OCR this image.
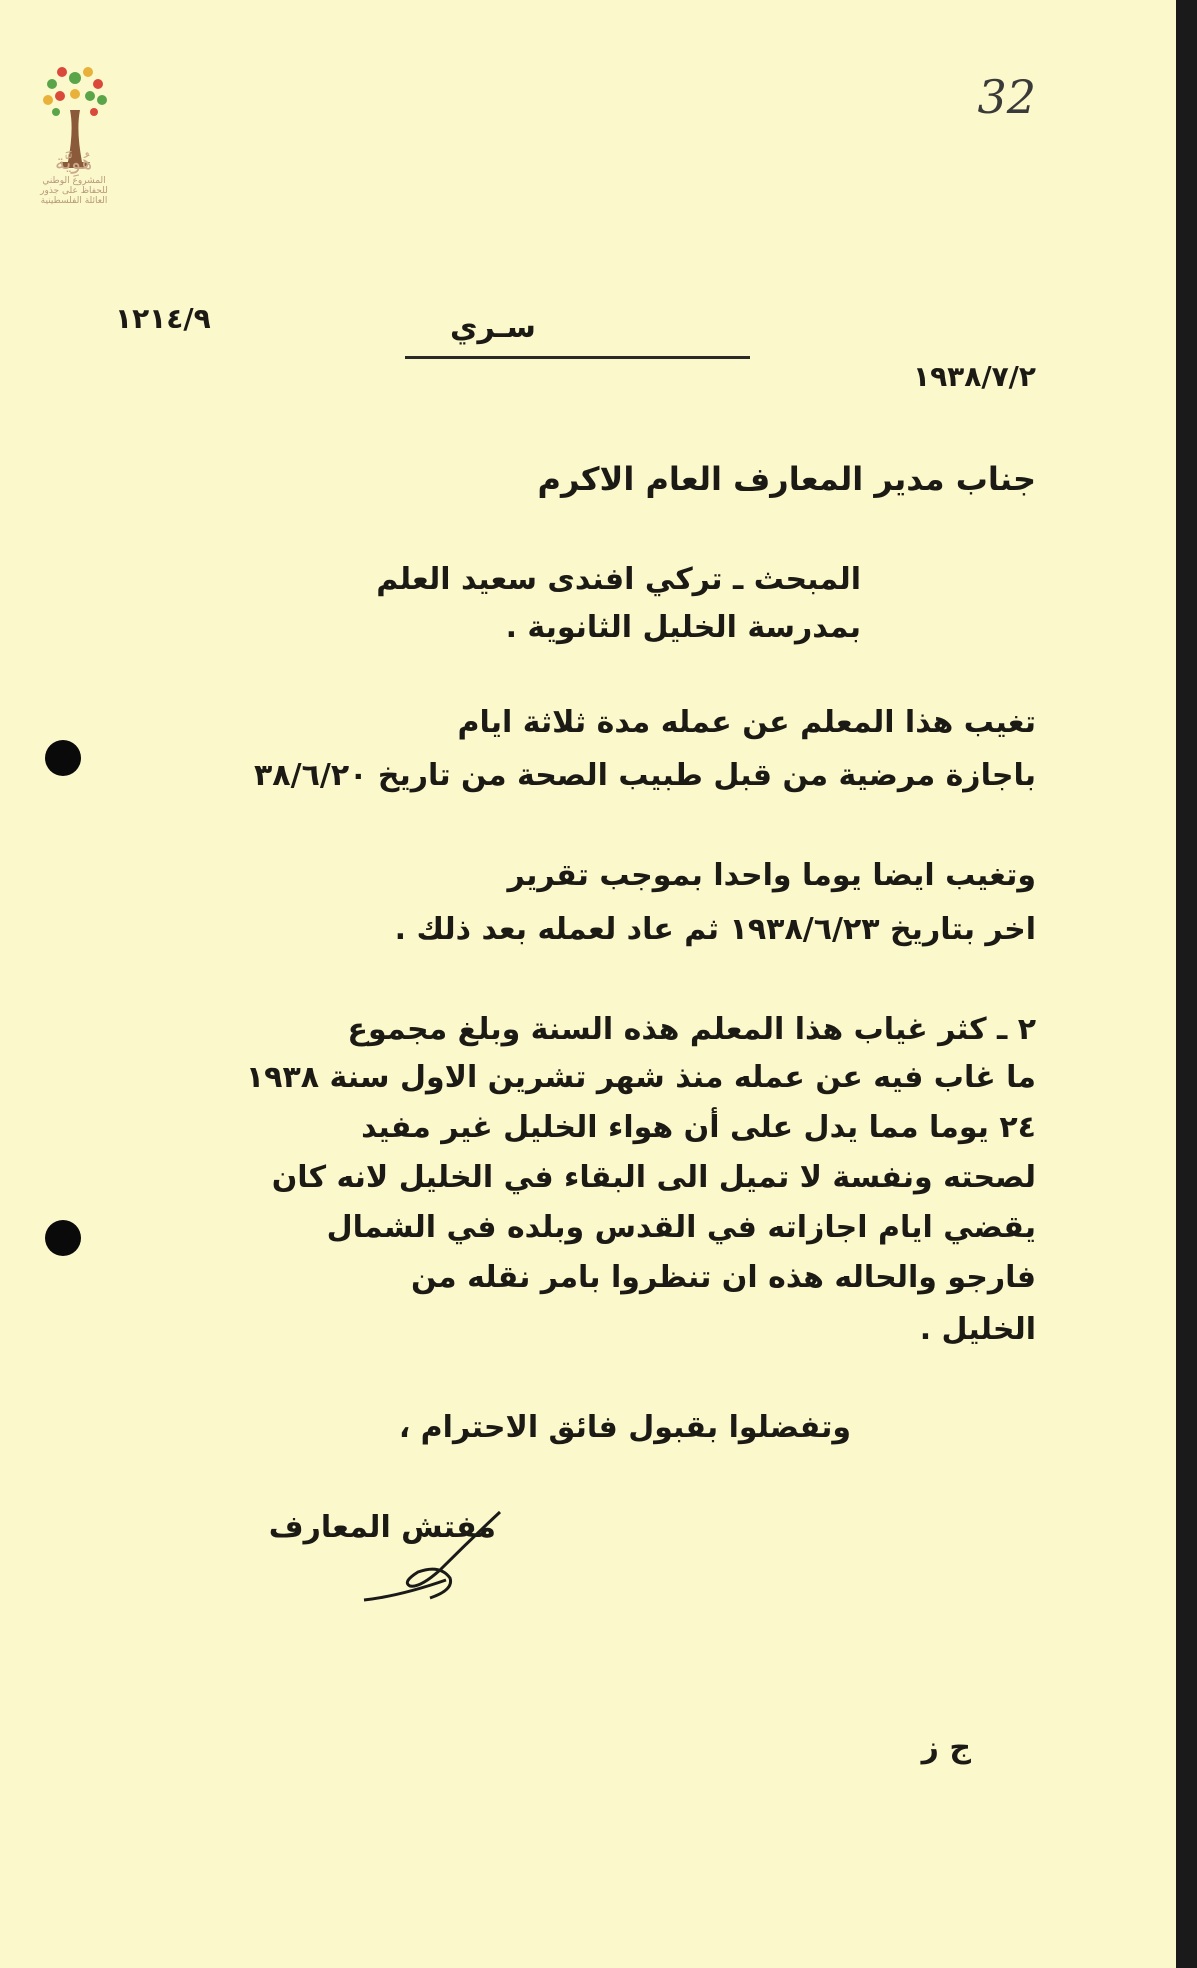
هُوِيَّة
المشروع الوطني للحفاظ على جذور العائلة الفلسطينية
32
١٢١٤/٩	سـري
١٩٣٨/٧/٢
جناب مدير المعارف العام الاكرم
المبحث ـ تركي افندى سعيد العلم
بمدرسة الخليل الثانوية .
تغيب هذا المعلم عن عمله مدة ثلاثة ايام
باجازة مرضية من قبل طبيب الصحة من تاريخ ٣٨/٦/٢٠
وتغيب ايضا يوما واحدا بموجب تقرير
اخر بتاريخ ١٩٣٨/٦/٢٣ ثم عاد لعمله بعد ذلك .
٢ ـ كثر غياب هذا المعلم هذه السنة وبلغ مجموع
ما غاب فيه عن عمله منذ شهر تشرين الاول سنة ١٩٣٨
٢٤ يوما مما يدل على أن هواء الخليل غير مفيد
لصحته ونفسة لا تميل الى البقاء في الخليل لانه كان
يقضي ايام اجازاته في القدس وبلده في الشمال
فارجو والحاله هذه ان تنظروا بامر نقله من
الخليل .
وتفضلوا بقبول فائق الاحترام ،
مفتش المعارف
ج ز
